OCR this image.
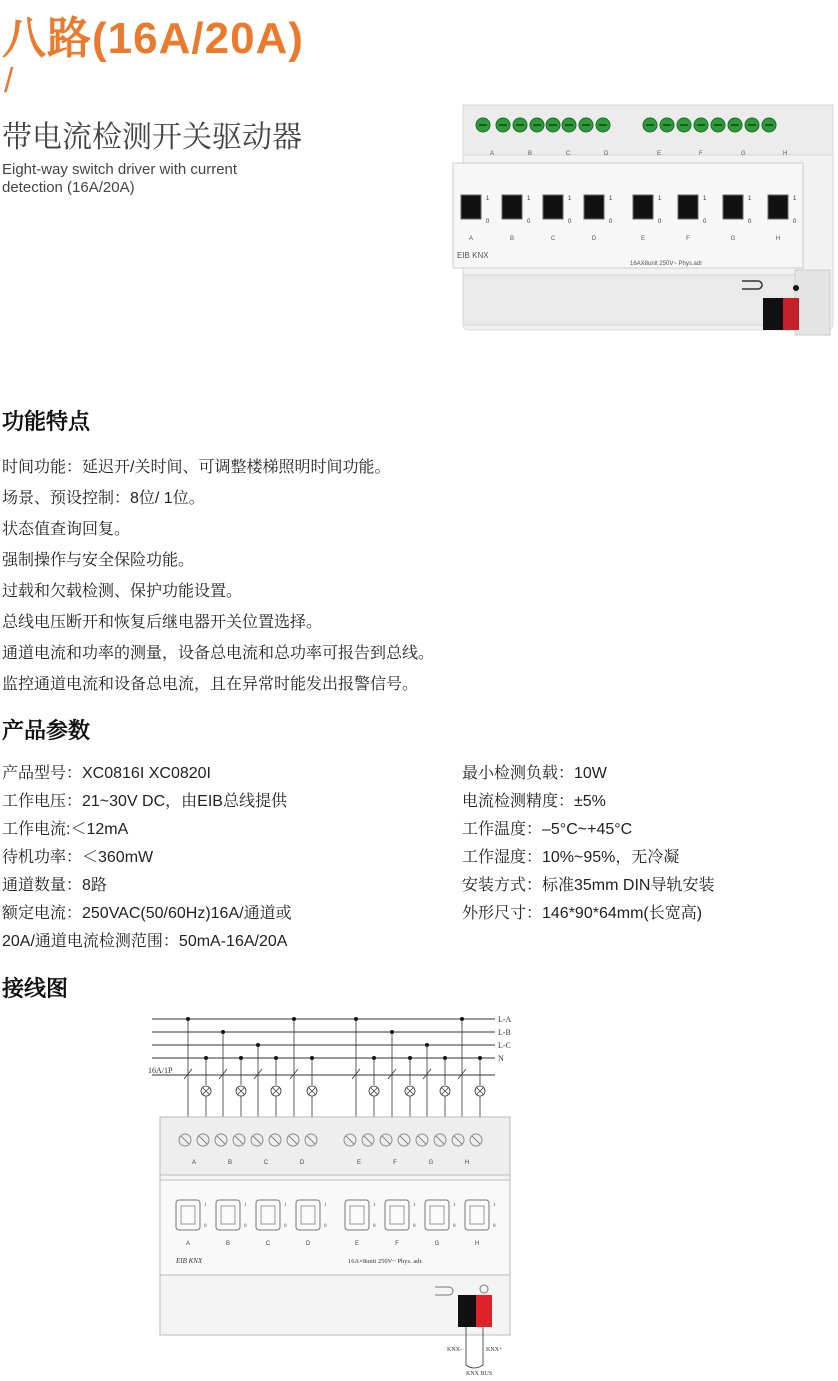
八路(16A/20A)
/
带电流检测开关驱动器
Eight-way switch driver with current
detection (16A/20A)
A	B	C	D	E	F	G	H
1
0
A
1
0
B
1
0
C
1
0
D
1
0
E
1
0
F
1
0
G
1
0
H
EIB KNX
16AX8unit 250V~ Phys.adr
功能特点
时间功能：延迟开/关时间、可调整楼梯照明时间功能。
场景、预设控制：8位/ 1位。
状态值查询回复。
强制操作与安全保险功能。
过载和欠载检测、保护功能设置。
总线电压断开和恢复后继电器开关位置选择。
通道电流和功率的测量，设备总电流和总功率可报告到总线。
监控通道电流和设备总电流，且在异常时能发出报警信号。
产品参数
产品型号：XC0816I XC0820I
工作电压：21~30V DC，由EIB总线提供
工作电流:＜12mA
待机功率：＜360mW
通道数量：8路
额定电流：250VAC(50/60Hz)16A/通道或
20A/通道电流检测范围：50mA-16A/20A
最小检测负载：10W
电流检测精度：±5%
工作温度：–5°C~+45°C
工作湿度：10%~95%，无冷凝
安装方式：标准35mm DIN导轨安装
外形尺寸：146*90*64mm(长宽高)
接线图
L-A
L-B
L-C
N
16A/1P
A	B	C	D	E	F	G	H
1
0
A
1
0
B
1
0
C
1
0
D
1
0
E
1
0
F
1
0
G
1
0
H
EIB KNX	16A×8unit 250V~ Phys. adr.
KNX-	KNX+
KNX BUS
